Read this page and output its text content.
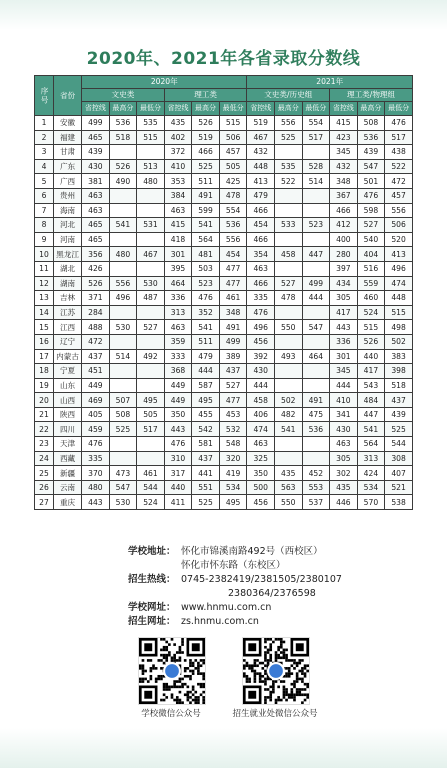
2020年、2021年各省录取分数线
序号	省份	2020年						2021年					
		文史类			理工类			文史类/历史组			理工类/物理组		
		省控线	最高分	最低分	省控线	最高分	最低分	省控线	最高分	最低分	省控线	最高分	最低分
1	安徽	499	536	535	435	526	515	519	556	554	415	508	476
2	福建	465	518	515	402	519	506	467	525	517	423	536	517
3	甘肃	439			372	466	457	432			345	439	438
4	广东	430	526	513	410	525	505	448	535	528	432	547	522
5	广西	381	490	480	353	511	425	413	522	514	348	501	472
6	贵州	463			384	491	478	479			367	476	457
7	海南	463			463	599	554	466			466	598	556
8	河北	465	541	531	415	541	536	454	533	523	412	527	506
9	河南	465			418	564	556	466			400	540	520
10	黑龙江	356	480	467	301	481	454	354	458	447	280	404	413
11	湖北	426			395	503	477	463			397	516	496
12	湖南	526	556	530	464	523	477	466	527	499	434	559	474
13	吉林	371	496	487	336	476	461	335	478	444	305	460	448
14	江苏	284			313	352	348	476			417	524	515
15	江西	488	530	527	463	541	491	496	550	547	443	515	498
16	辽宁	472			359	511	499	456			336	526	502
17	内蒙古	437	514	492	333	479	389	392	493	464	301	440	383
18	宁夏	451			368	444	437	430			345	417	398
19	山东	449			449	587	527	444			444	543	518
20	山西	469	507	495	449	495	477	458	502	491	410	484	437
21	陕西	405	508	505	350	455	453	406	482	475	341	447	439
22	四川	459	525	517	443	542	532	474	541	536	430	541	525
23	天津	476			476	581	548	463			463	564	544
24	西藏	335			310	437	320	325			305	313	308
25	新疆	370	473	461	317	441	419	350	435	452	302	424	407
26	云南	480	547	544	440	551	534	500	563	553	435	534	521
27	重庆	443	530	524	411	525	495	456	550	537	446	570	538
学校地址： 怀化市锦溪南路492号（西校区）
怀化市怀东路（东校区）
招生热线： 0745-2382419/2381505/2380107
2380364/2376598
学校网址： www.hnmu.com.cn
招生网址： zs.hnmu.com.cn
学校微信公众号	招生就业处微信公众号
